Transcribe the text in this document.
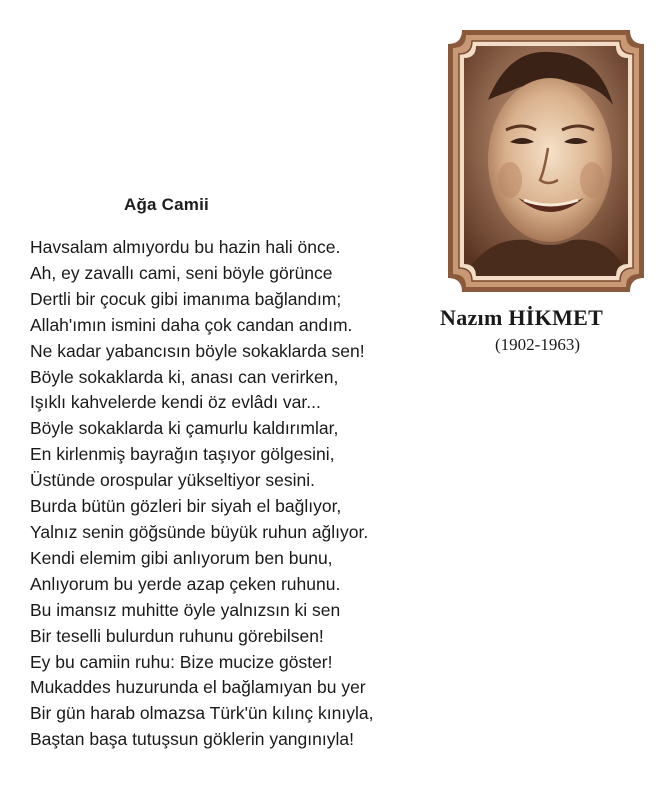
Ağa Camii
Havsalam almıyordu bu hazin hali önce.
Ah, ey zavallı cami, seni böyle görünce
Dertli bir çocuk gibi imanıma bağlandım;
Allah'ımın ismini daha çok candan andım.
Ne kadar yabancısın böyle sokaklarda sen!
Böyle sokaklarda ki, anası can verirken,
Işıklı kahvelerde kendi öz evlâdı var...
Böyle sokaklarda ki çamurlu kaldırımlar,
En kirlenmiş bayrağın taşıyor gölgesini,
Üstünde orospular yükseltiyor sesini.
Burda bütün gözleri bir siyah el bağlıyor,
Yalnız senin göğsünde büyük ruhun ağlıyor.
Kendi elemim gibi anlıyorum ben bunu,
Anlıyorum bu yerde azap çeken ruhunu.
Bu imansız muhitte öyle yalnızsın ki sen
Bir teselli bulurdun ruhunu görebilsen!
Ey bu camiin ruhu: Bize mucize göster!
Mukaddes huzurunda el bağlamıyan bu yer
Bir gün harab olmazsa Türk'ün kılınç kınıyla,
Baştan başa tutuşsun göklerin yangınıyla!
Nazım HİKMET
(1902-1963)
